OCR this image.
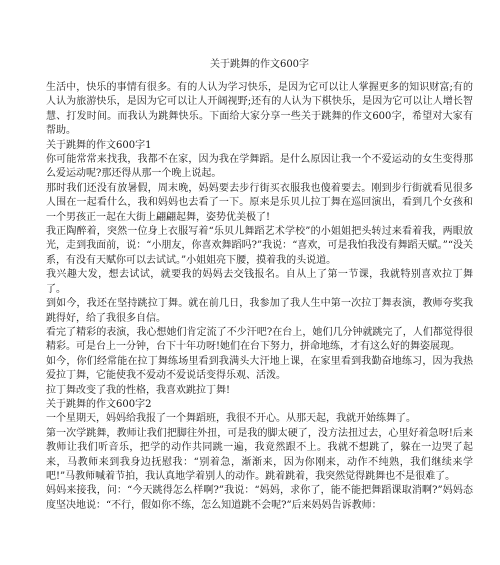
关于跳舞的作文600字

生活中，快乐的事情有很多。有的人认为学习快乐，是因为它可以让人掌握更多的知识财富;有的人认为旅游快乐，是因为它可以让人开阔视野;还有的人认为下棋快乐，是因为它可以让人增长智慧、打发时间。而我认为跳舞快乐。下面给大家分享一些关于跳舞的作文600字，希望对大家有帮助。

关于跳舞的作文600字1

你可能常常来找我，我都不在家，因为我在学舞蹈。是什么原因让我一个不爱运动的女生变得那么爱运动呢?那还得从那一个晚上说起。

那时我们还没有放暑假，周末晚，妈妈要去步行街买衣服我也傻着要去。刚到步行街就看见很多人围在一起看什么，我和妈妈也去看了一下。原来是乐贝儿拉丁舞在巡回演出，看到几个女孩和一个男孩正一起在大街上翩翩起舞，姿势优美极了!

我正陶醉着，突然一位身上衣服写着“乐贝儿舞蹈艺术学校”的小姐姐把头转过来看着我，两眼放光，走到我面前，说：“小朋友，你喜欢舞蹈吗?”我说：“喜欢，可是我怕我没有舞蹈天赋。”“没关系，有没有天赋你可以去试试。”小姐姐亮下腰，摸着我的头说道。

我兴趣大发，想去试试，就要我的妈妈去交钱报名。自从上了第一节课，我就特别喜欢拉丁舞了。

到如今，我还在坚持跳拉丁舞。就在前几日，我参加了我人生中第一次拉丁舞表演，教师夸奖我跳得好，给了我很多自信。

看完了精彩的表演，我心想她们肯定流了不少汗吧?在台上，她们几分钟就跳完了，人们都觉得很精彩。可是台上一分钟，台下十年功呀!她们在台下努力，拼命地练，才有这么好的舞姿展现。

如今，你们经常能在拉丁舞练场里看到我满头大汗地上课，在家里看到我勤奋地练习，因为我热爱拉丁舞，它能使我不爱动不爱说话变得乐观、活泼。

拉丁舞改变了我的性格，我喜欢跳拉丁舞!

关于跳舞的作文600字2

一个星期天，妈妈给我报了一个舞蹈班，我很不开心。从那天起，我就开始练舞了。

第一次学跳舞，教师让我们把脚往外扭，可是我的脚太硬了，没方法扭过去，心里好着急呀!后来教师让我们听音乐，把学的动作共同跳一遍，我竟然跟不上。我就不想跳了，躲在一边哭了起来，马教师来到我身边抚慰我：“别着急，渐渐来，因为你刚来，动作不纯熟，我们继续来学吧!”马教师喊着节拍，我认真地学着别人的动作。跳着跳着，我突然觉得跳舞也不是很难了。

妈妈来接我，问：“今天跳得怎么样啊?”我说：“妈妈，求你了，能不能把舞蹈课取消啊?”妈妈态度坚决地说：“不行，假如你不练，怎么知道跳不会呢?”后来妈妈告诉教师：
